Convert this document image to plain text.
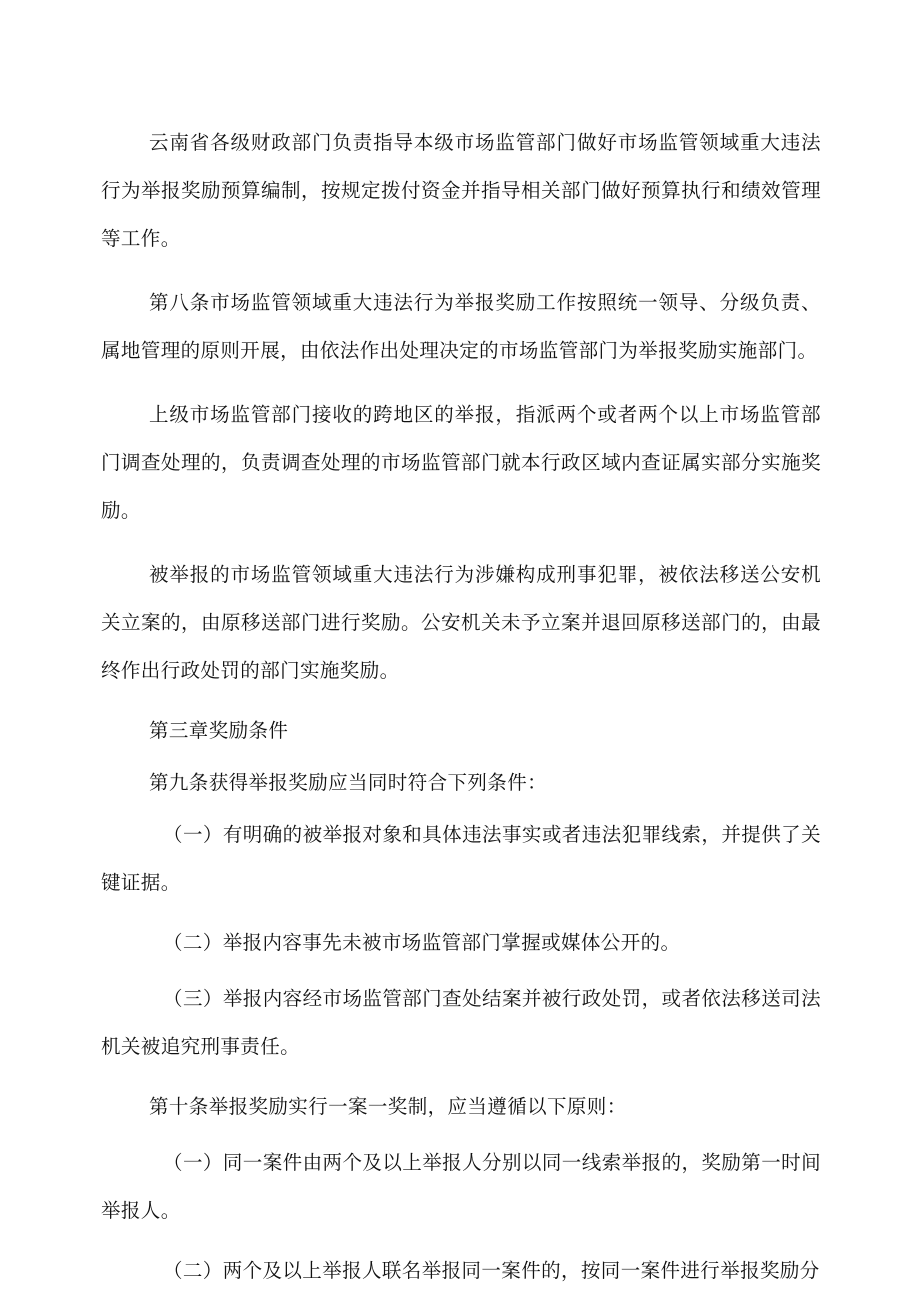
云南省各级财政部门负责指导本级市场监管部门做好市场监管领域重大违法行为举报奖励预算编制，按规定拨付资金并指导相关部门做好预算执行和绩效管理等工作。

第八条市场监管领域重大违法行为举报奖励工作按照统一领导、分级负责、属地管理的原则开展，由依法作出处理决定的市场监管部门为举报奖励实施部门。

上级市场监管部门接收的跨地区的举报，指派两个或者两个以上市场监管部门调查处理的，负责调查处理的市场监管部门就本行政区域内查证属实部分实施奖励。

被举报的市场监管领域重大违法行为涉嫌构成刑事犯罪，被依法移送公安机关立案的，由原移送部门进行奖励。公安机关未予立案并退回原移送部门的，由最终作出行政处罚的部门实施奖励。

第三章奖励条件

第九条获得举报奖励应当同时符合下列条件：

（一）有明确的被举报对象和具体违法事实或者违法犯罪线索，并提供了关键证据。

（二）举报内容事先未被市场监管部门掌握或媒体公开的。

（三）举报内容经市场监管部门查处结案并被行政处罚，或者依法移送司法机关被追究刑事责任。

第十条举报奖励实行一案一奖制，应当遵循以下原则：

（一）同一案件由两个及以上举报人分别以同一线索举报的，奖励第一时间举报人。

（二）两个及以上举报人联名举报同一案件的，按同一案件进行举报奖励分
